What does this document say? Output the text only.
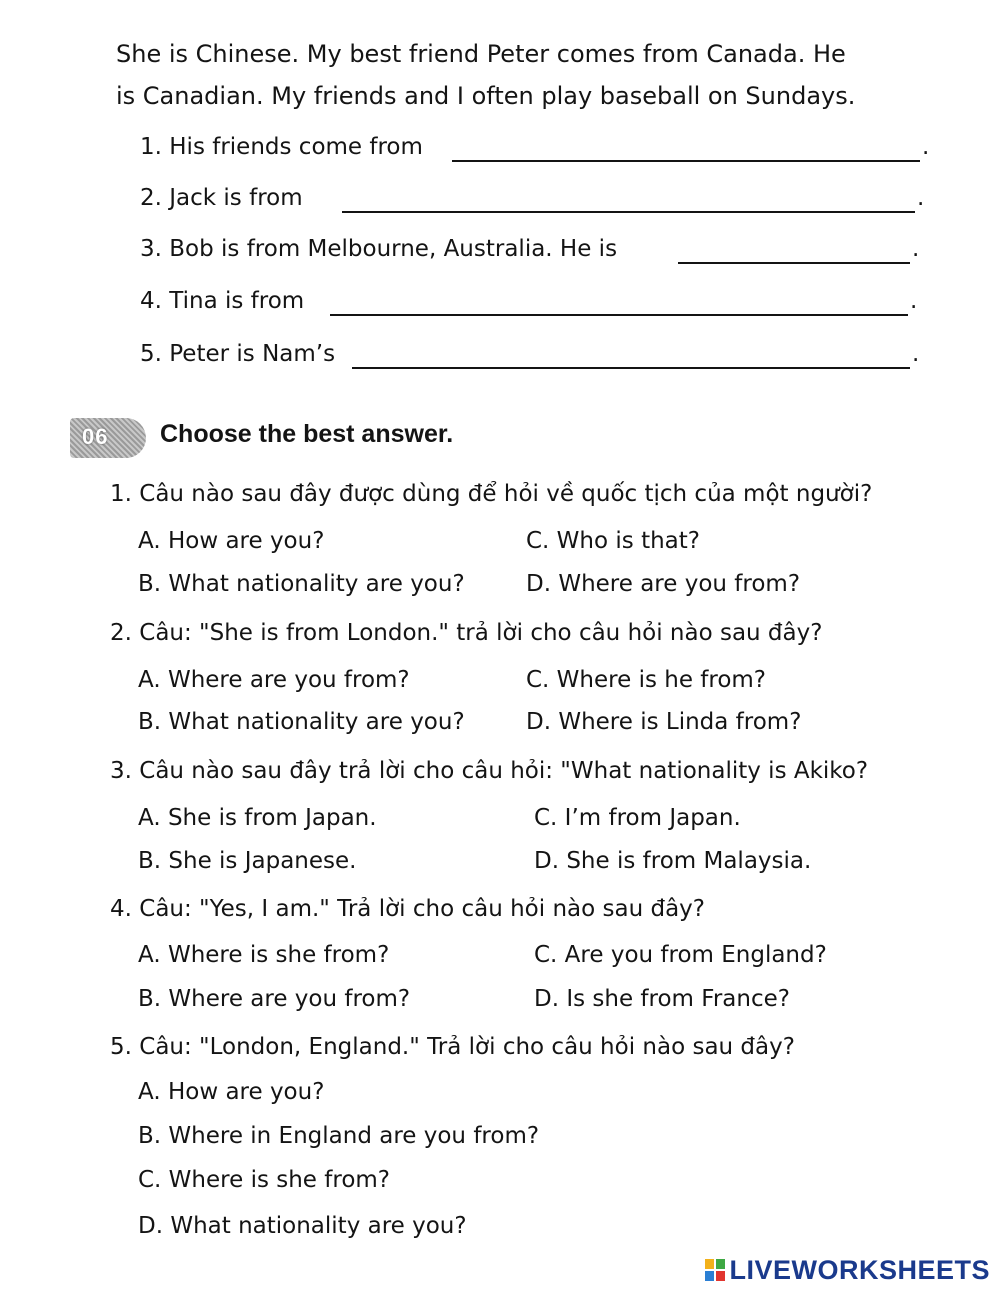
She is Chinese. My best friend Peter comes from Canada. He
is Canadian. My friends and I often play baseball on Sundays.
1. His friends come from	.
2. Jack is from	.
3. Bob is from Melbourne, Australia. He is	.
4. Tina is from	.
5. Peter is Nam’s	.
06 Choose the best answer.
1. Câu nào sau đây được dùng để hỏi về quốc tịch của một người?
A. How are you?	C. Who is that?
B. What nationality are you?	D. Where are you from?
2. Câu: "She is from London." trả lời cho câu hỏi nào sau đây?
A. Where are you from?	C. Where is he from?
B. What nationality are you?	D. Where is Linda from?
3. Câu nào sau đây trả lời cho câu hỏi: "What nationality is Akiko?
A. She is from Japan.	C. I’m from Japan.
B. She is Japanese.	D. She is from Malaysia.
4. Câu: "Yes, I am." Trả lời cho câu hỏi nào sau đây?
A. Where is she from?	C. Are you from England?
B. Where are you from?	D. Is she from France?
5. Câu: "London, England." Trả lời cho câu hỏi nào sau đây?
A. How are you?
B. Where in England are you from?
C. Where is she from?
D. What nationality are you?
LIVEWORKSHEETS
